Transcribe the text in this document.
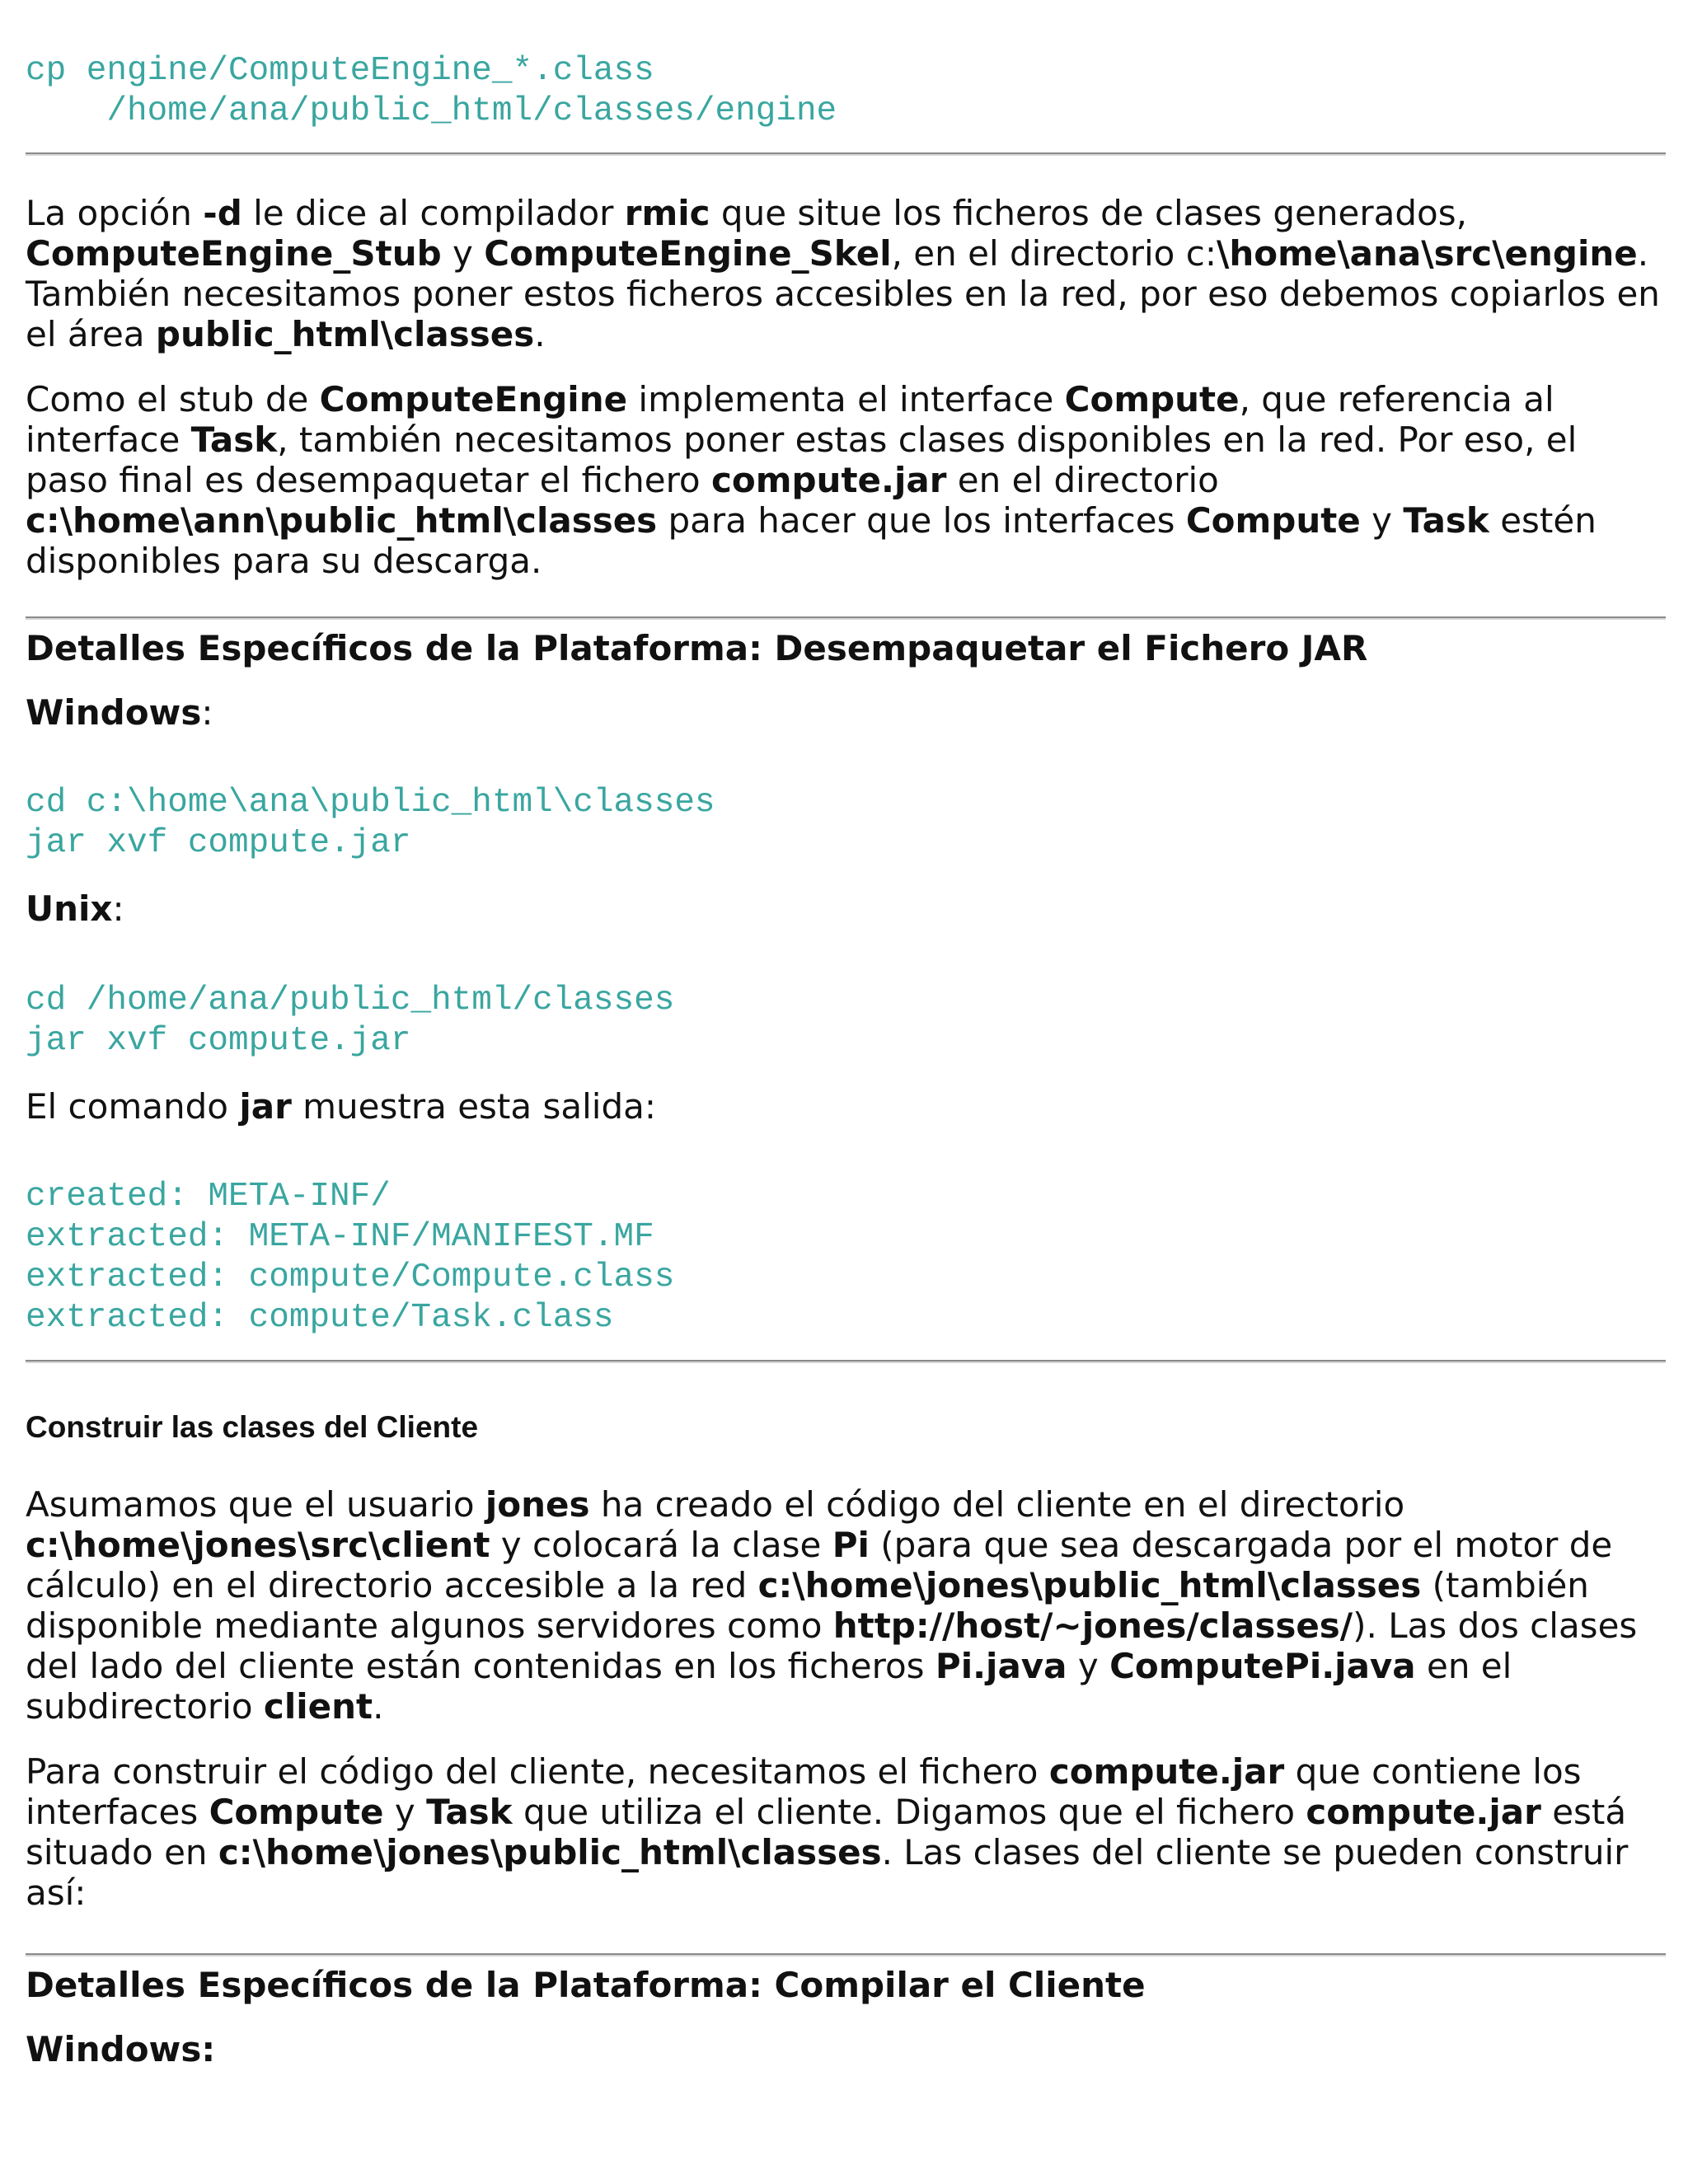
cp engine/ComputeEngine_*.class
/home/ana/public_html/classes/engine

La opción -d le dice al compilador rmic que situe los ficheros de clases generados, ComputeEngine_Stub y ComputeEngine_Skel, en el directorio c:\home\ana\src\engine. También necesitamos poner estos ficheros accesibles en la red, por eso debemos copiarlos en el área public_html\classes.

Como el stub de ComputeEngine implementa el interface Compute, que referencia al interface Task, también necesitamos poner estas clases disponibles en la red. Por eso, el paso final es desempaquetar el fichero compute.jar en el directorio c:\home\ann\public_html\classes para hacer que los interfaces Compute y Task estén disponibles para su descarga.

Detalles Específicos de la Plataforma: Desempaquetar el Fichero JAR

Windows:

cd c:\home\ana\public_html\classes
jar xvf compute.jar

Unix:

cd /home/ana/public_html/classes
jar xvf compute.jar

El comando jar muestra esta salida:

created: META-INF/
extracted: META-INF/MANIFEST.MF
extracted: compute/Compute.class
extracted: compute/Task.class
Construir las clases del Cliente

Asumamos que el usuario jones ha creado el código del cliente en el directorio c:\home\jones\src\client y colocará la clase Pi (para que sea descargada por el motor de cálculo) en el directorio accesible a la red c:\home\jones\public_html\classes (también disponible mediante algunos servidores como http://host/~jones/classes/). Las dos clases del lado del cliente están contenidas en los ficheros Pi.java y ComputePi.java en el subdirectorio client.

Para construir el código del cliente, necesitamos el fichero compute.jar que contiene los interfaces Compute y Task que utiliza el cliente. Digamos que el fichero compute.jar está situado en c:\home\jones\public_html\classes. Las clases del cliente se pueden construir así:

Detalles Específicos de la Plataforma: Compilar el Cliente

Windows:
